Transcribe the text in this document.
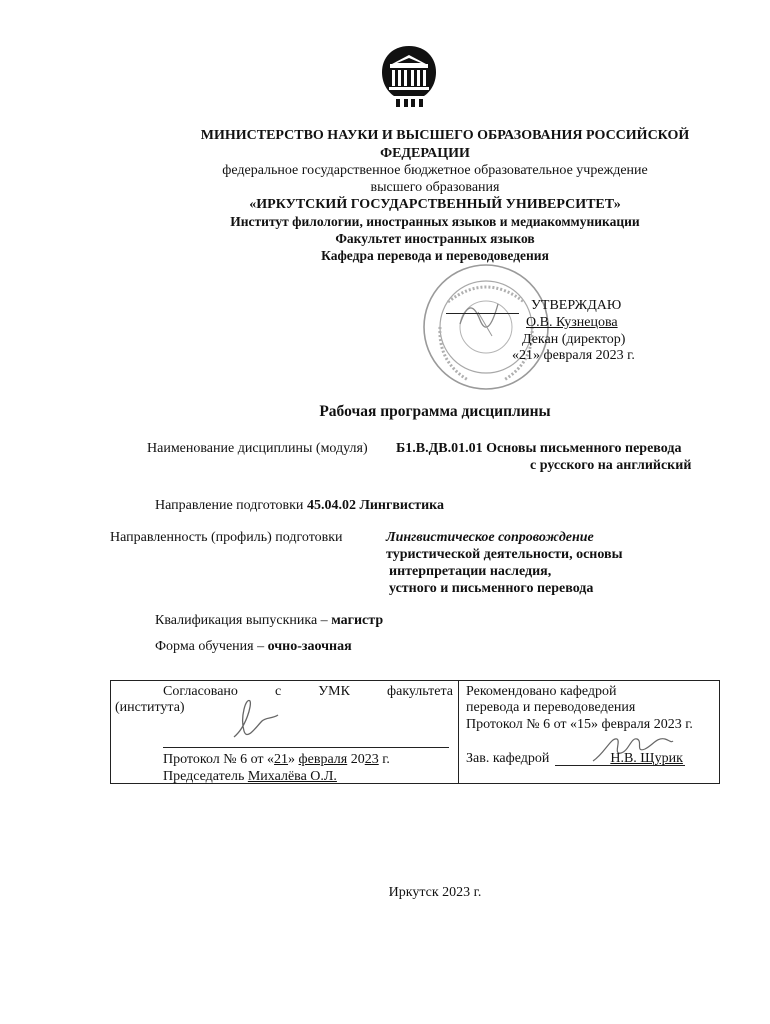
МИНИСТЕРСТВО НАУКИ И ВЫСШЕГО ОБРАЗОВАНИЯ РОССИЙСКОЙ
ФЕДЕРАЦИИ
федеральное государственное бюджетное образовательное учреждение
высшего образования
«ИРКУТСКИЙ ГОСУДАРСТВЕННЫЙ УНИВЕРСИТЕТ»
Институт филологии, иностранных языков и медиакоммуникации
Факультет иностранных языков
Кафедра перевода и переводоведения
УТВЕРЖДАЮ
О.В. Кузнецова
Декан (директор)
«21» февраля 2023 г.
Рабочая программа дисциплины
Наименование дисциплины (модуля) Б1.В.ДВ.01.01 Основы письменного перевода
с русского на английский
Направление подготовки 45.04.02 Лингвистика
Направленность (профиль) подготовки	Лингвистическое сопровождение
туристической деятельности, основы
интерпретации наследия,
устного и письменного перевода
Квалификация выпускника – магистр
Форма обучения – очно-заочная
Согласовано	с	УМК	факультета
(института)
Протокол № 6 от «21» февраля 2023 г.
Председатель Михалёва О.Л.
Рекомендовано кафедрой
перевода и переводоведения
Протокол № 6 от «15» февраля 2023 г.
Зав. кафедрой	Н.В. Щурик
Иркутск 2023 г.
